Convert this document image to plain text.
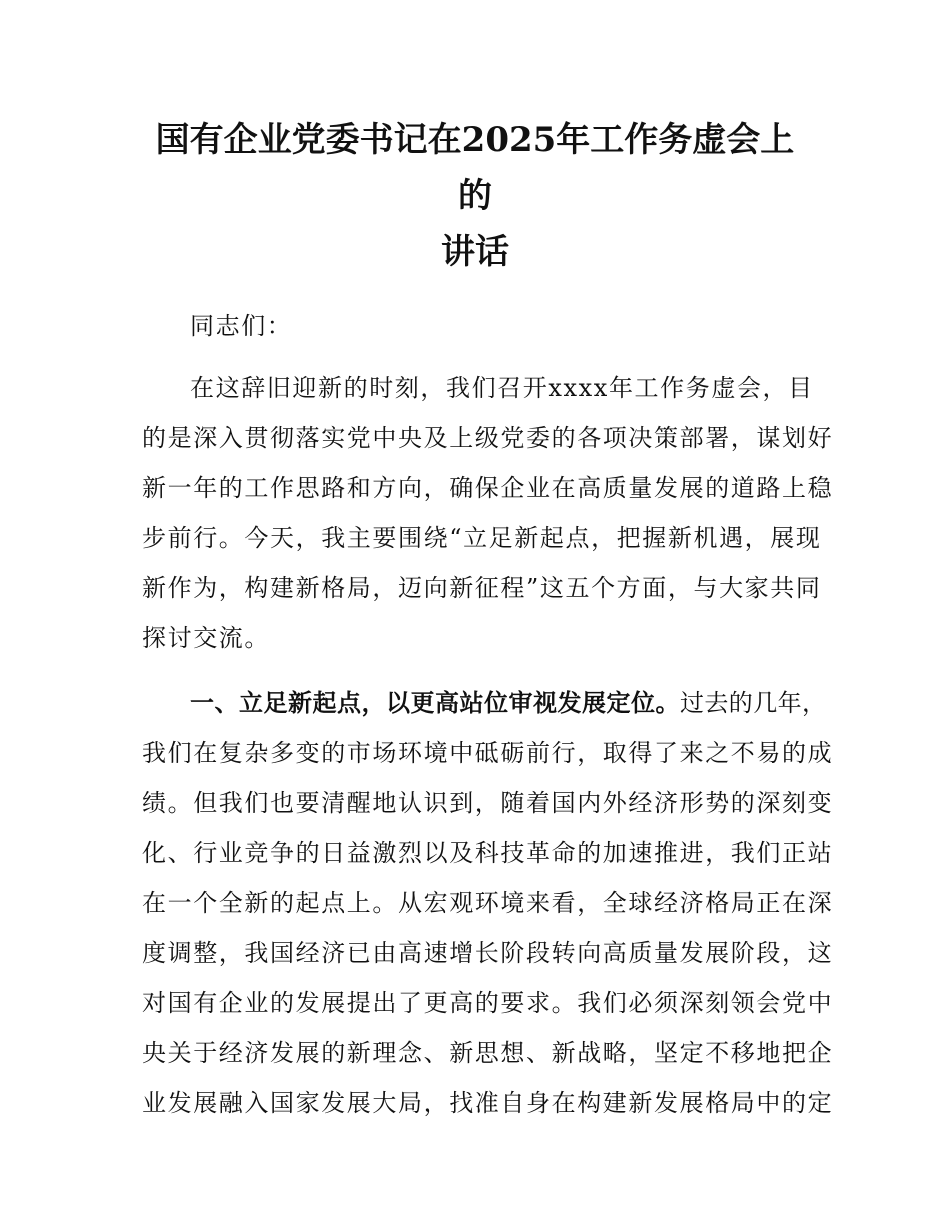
国有企业党委书记在2025年工作务虚会上的
讲话
同志们：
在这辞旧迎新的时刻，我们召开xxxx年工作务虚会，目
的是深入贯彻落实党中央及上级党委的各项决策部署，谋划好
新一年的工作思路和方向，确保企业在高质量发展的道路上稳
步前行。今天，我主要围绕“立足新起点，把握新机遇，展现
新作为，构建新格局，迈向新征程”这五个方面，与大家共同
探讨交流。
一、立足新起点，以更高站位审视发展定位。过去的几年，
我们在复杂多变的市场环境中砥砺前行，取得了来之不易的成
绩。但我们也要清醒地认识到，随着国内外经济形势的深刻变
化、行业竞争的日益激烈以及科技革命的加速推进，我们正站
在一个全新的起点上。从宏观环境来看，全球经济格局正在深
度调整，我国经济已由高速增长阶段转向高质量发展阶段，这
对国有企业的发展提出了更高的要求。我们必须深刻领会党中
央关于经济发展的新理念、新思想、新战略，坚定不移地把企
业发展融入国家发展大局，找准自身在构建新发展格局中的定
